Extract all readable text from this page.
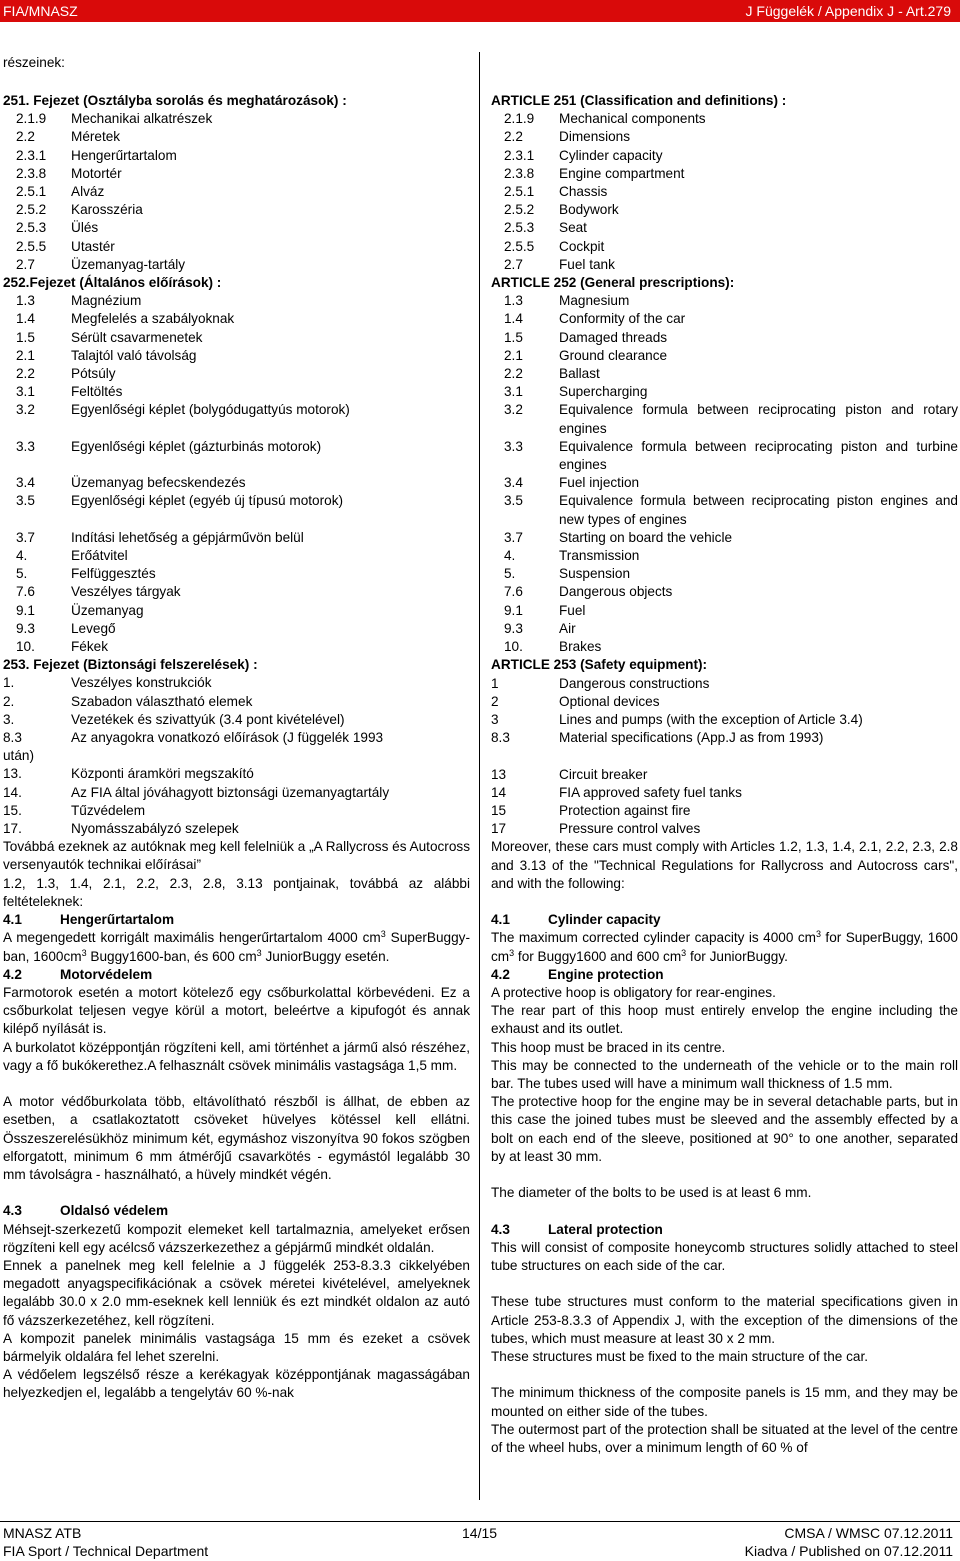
FIA/MNASZ	J Függelék / Appendix J - Art.279
részeinek:
251. Fejezet (Osztályba sorolás és meghatározások) :
2.1.9	Mechanikai alkatrészek
2.2	Méretek
2.3.1	Hengerűrtartalom
2.3.8	Motortér
2.5.1	Alváz
2.5.2	Karosszéria
2.5.3	Ülés
2.5.5	Utastér
2.7	Üzemanyag-tartály
252.Fejezet (Általános előírások) :
1.3	Magnézium
1.4	Megfelelés a szabályoknak
1.5	Sérült csavarmenetek
2.1	Talajtól való távolság
2.2	Pótsúly
3.1	Feltöltés
3.2	Egyenlőségi képlet (bolygódugattyús motorok)
3.3	Egyenlőségi képlet (gázturbinás motorok)
3.4	Üzemanyag befecskendezés
3.5	Egyenlőségi képlet (egyéb új típusú motorok)
3.7	Indítási lehetőség a gépjárművön belül
4.	Erőátvitel
5.	Felfüggesztés
7.6	Veszélyes tárgyak
9.1	Üzemanyag
9.3	Levegő
10.	Fékek
253. Fejezet (Biztonsági felszerelések) :
1.	Veszélyes konstrukciók
2.	Szabadon választható elemek
3.	Vezetékek és szivattyúk (3.4 pont kivételével)
8.3	Az anyagokra vonatkozó előírások (J függelék 1993
után)
13.	Központi áramköri megszakító
14.	Az FIA által jóváhagyott biztonsági üzemanyagtartály
15.	Tűzvédelem
17.	Nyomásszabályzó szelepek
Továbbá ezeknek az autóknak meg kell felelniük a „A Rallycross és Autocross versenyautók technikai előírásai”
1.2, 1.3, 1.4, 2.1, 2.2, 2.3, 2.8, 3.13 pontjainak, továbbá az alábbi feltételeknek:
4.1	Hengerűrtartalom
A megengedett korrigált maximális hengerűrtartalom 4000 $cm^3$ SuperBuggy-ban, $1600cm^3$ Buggy1600-ban, és 600 $cm^3$ JuniorBuggy esetén.
4.2	Motorvédelem
Farmotorok esetén a motort kötelező egy csőburkolattal körbevédeni. Ez a csőburkolat teljesen vegye körül a motort, beleértve a kipufogót és annak kilépő nyílását is.
A burkolatot középpontján rögzíteni kell, ami történhet a jármű alsó részéhez, vagy a fő bukókerethez.A felhasznált csövek minimális vastagsága 1,5 mm.
A motor védőburkolata több, eltávolítható részből is állhat, de ebben az esetben, a csatlakoztatott csöveket hüvelyes kötéssel kell ellátni. Összeszerelésükhöz minimum két, egymáshoz viszonyítva 90 fokos szögben elforgatott, minimum 6 mm átmérőjű csavarkötés - egymástól legalább 30 mm távolságra - használható, a hüvely mindkét végén.
4.3	Oldalsó védelem
Méhsejt-szerkezetű kompozit elemeket kell tartalmaznia, amelyeket erősen rögzíteni kell egy acélcső vázszerkezethez a gépjármű mindkét oldalán.
Ennek a panelnek meg kell felelnie a J függelék 253-8.3.3 cikkelyében megadott anyagspecifikációnak a csövek méretei kivételével, amelyeknek legalább 30.0 x 2.0 mm-eseknek kell lenniük és ezt mindkét oldalon az autó fő vázszerkezetéhez, kell rögzíteni.
A kompozit panelek minimális vastagsága 15 mm és ezeket a csövek bármelyik oldalára fel lehet szerelni.
A védőelem legszélső része a kerékagyak középpontjának magasságában helyezkedjen el, legalább a tengelytáv 60 %-nak
ARTICLE 251 (Classification and definitions) :
2.1.9	Mechanical components
2.2	Dimensions
2.3.1	Cylinder capacity
2.3.8	Engine compartment
2.5.1	Chassis
2.5.2	Bodywork
2.5.3	Seat
2.5.5	Cockpit
2.7	Fuel tank
ARTICLE 252 (General prescriptions):
1.3	Magnesium
1.4	Conformity of the car
1.5	Damaged threads
2.1	Ground clearance
2.2	Ballast
3.1	Supercharging
3.2	Equivalence formula between reciprocating piston and rotary engines
3.3	Equivalence formula between reciprocating piston and turbine engines
3.4	Fuel injection
3.5	Equivalence formula between reciprocating piston engines and new types of engines
3.7	Starting on board the vehicle
4.	Transmission
5.	Suspension
7.6	Dangerous objects
9.1	Fuel
9.3	Air
10.	Brakes
ARTICLE 253 (Safety equipment):
1	Dangerous constructions
2	Optional devices
3	Lines and pumps (with the exception of Article 3.4)
8.3	Material specifications (App.J as from 1993)
13	Circuit breaker
14	FIA approved safety fuel tanks
15	Protection against fire
17	Pressure control valves
Moreover, these cars must comply with Articles 1.2, 1.3, 1.4, 2.1, 2.2, 2.3, 2.8 and 3.13 of the "Technical Regulations for Rallycross and Autocross cars", and with the following:
4.1	Cylinder capacity
The maximum corrected cylinder capacity is 4000 $cm^3$ for SuperBuggy, 1600 $cm^3$ for Buggy1600 and 600 $cm^3$ for JuniorBuggy.
4.2	Engine protection
A protective hoop is obligatory for rear-engines.
The rear part of this hoop must entirely envelop the engine including the exhaust and its outlet.
This hoop must be braced in its centre.
This may be connected to the underneath of the vehicle or to the main roll bar. The tubes used will have a minimum wall thickness of 1.5 mm.
The protective hoop for the engine may be in several detachable parts, but in this case the joined tubes must be sleeved and the assembly effected by a bolt on each end of the sleeve, positioned at 90° to one another, separated by at least 30 mm.
The diameter of the bolts to be used is at least 6 mm.
4.3	Lateral protection
This will consist of composite honeycomb structures solidly attached to steel tube structures on each side of the car.
These tube structures must conform to the material specifications given in Article 253-8.3.3 of Appendix J, with the exception of the dimensions of the tubes, which must measure at least 30 x 2 mm.
These structures must be fixed to the main structure of the car.
The minimum thickness of the composite panels is 15 mm, and they may be mounted on either side of the tubes.
The outermost part of the protection shall be situated at the level of the centre of the wheel hubs, over a minimum length of 60 % of
MNASZ ATB
FIA Sport / Technical Department
14/15	CMSA / WMSC 07.12.2011
Kiadva / Published on 07.12.2011
